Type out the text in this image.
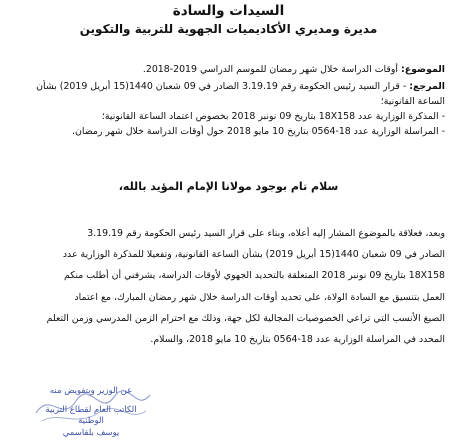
السيدات والسادة
مديرة ومديري الأكاديميات الجهوية للتربية والتكوين
الموضوع: أوقات الدراسة خلال شهر رمضان للموسم الدراسي 2019-2018.
المرجع: - قرار السيد رئيس الحكومة رقم 3.19.19 الصادر في 09 شعبان 1440(15 أبريل 2019) بشأن
الساعة القانونية؛
- المذكرة الوزارية عدد 18X158 بتاريخ 09 نونبر 2018 بخصوص اعتماد الساعة القانونية؛
- المراسلة الوزارية عدد 18-0564 بتاريخ 10 مايو 2018 حول أوقات الدراسة خلال شهر رمضان.
سلام تام بوجود مولانا الإمام المؤيد بالله،
وبعد، فعلاقة بالموضوع المشار إليه أعلاه، وبناء على قرار السيد رئيس الحكومة رقم 3.19.19
الصادر في 09 شعبان 1440(15 أبريل 2019) بشأن الساعة القانونية، وتفعيلا للمذكرة الوزارية عدد
18X158 بتاريخ 09 نونبر 2018 المتعلقة بالتحديد الجهوي لأوقات الدراسة، يشرفني أن أطلب منكم
العمل بتنسيق مع السادة الولاة، على تحديد أوقات الدراسة خلال شهر رمضان المبارك، مع اعتماد
الصيغ الأنسب التي تراعي الخصوصيات المجالية لكل جهة، وذلك مع احترام الزمن المدرسي وزمن التعلم
المحدد في المراسلة الوزارية عدد 18-0564 بتاريخ 10 مايو 2018، والسلام.
عن الوزير وبتفويض منه
الكاتب العام لقطاع التربية الوطنية
يوسف بلقاسمي
